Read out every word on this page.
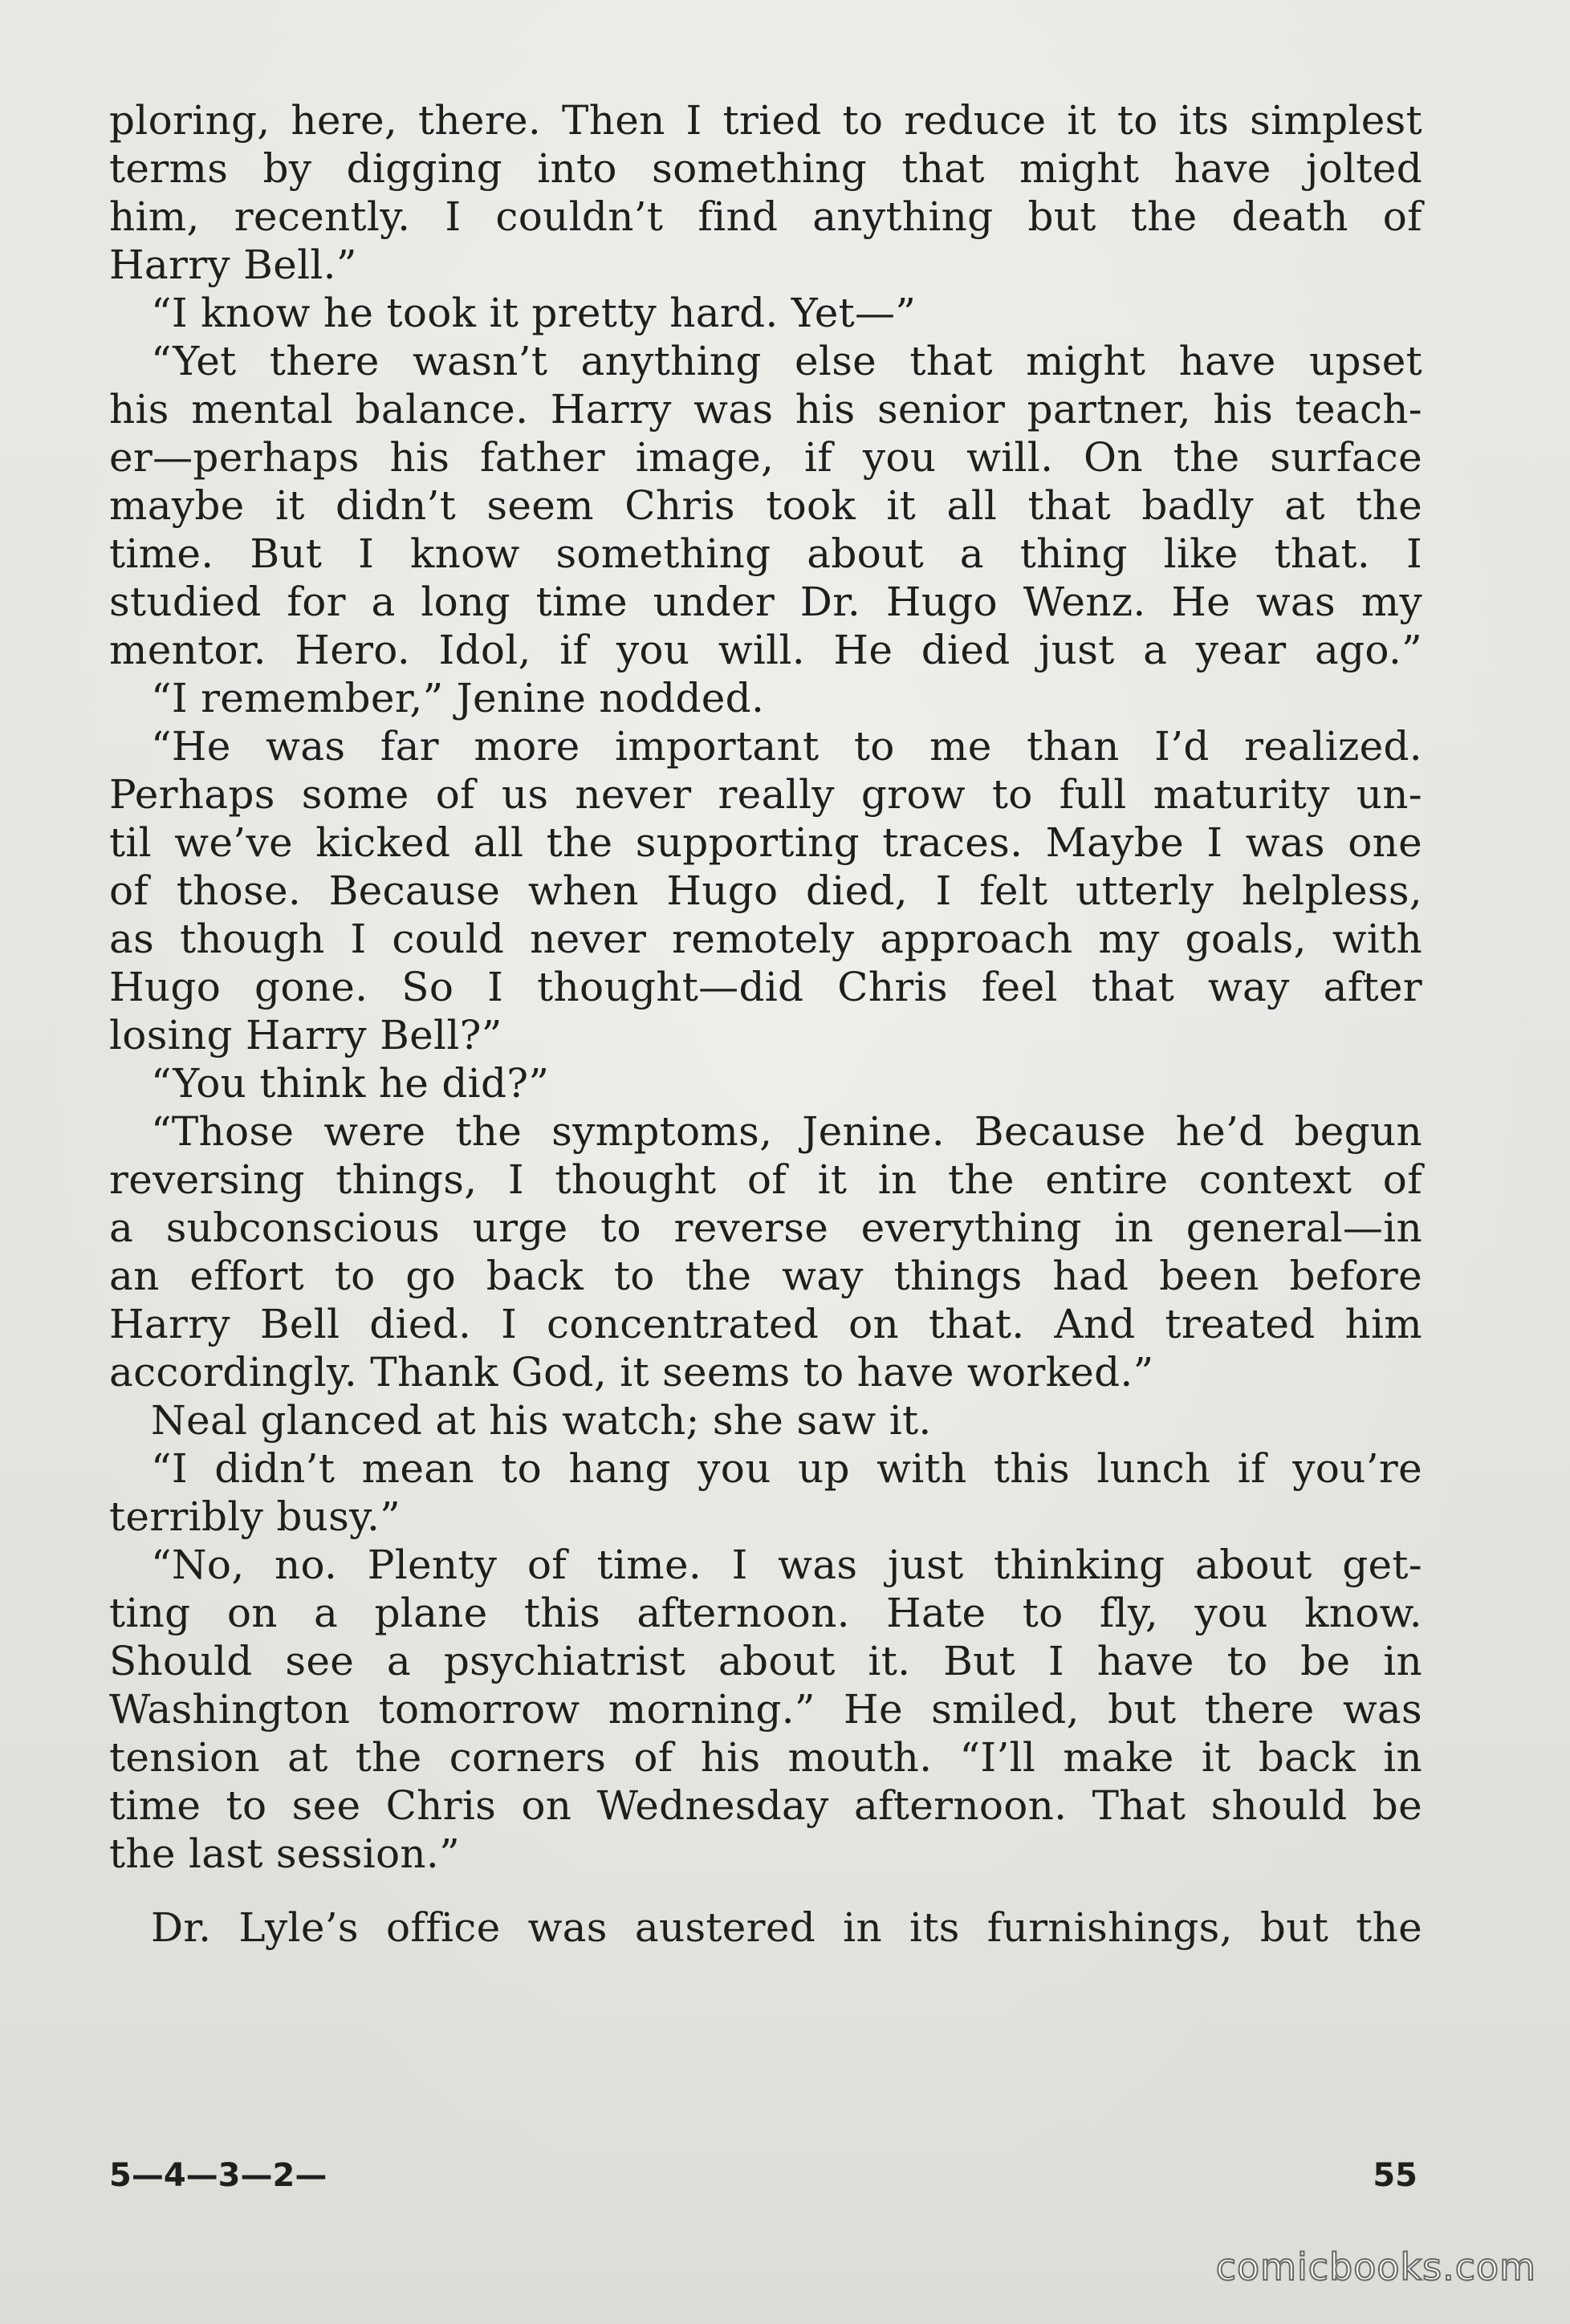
ploring, here, there. Then I tried to reduce it to its simplest
terms by digging into something that might have jolted
him, recently. I couldn’t find anything but the death of
Harry Bell.”
“I know he took it pretty hard. Yet—”
“Yet there wasn’t anything else that might have upset
his mental balance. Harry was his senior partner, his teach-
er—perhaps his father image, if you will. On the surface
maybe it didn’t seem Chris took it all that badly at the
time. But I know something about a thing like that. I
studied for a long time under Dr. Hugo Wenz. He was my
mentor. Hero. Idol, if you will. He died just a year ago.”
“I remember,” Jenine nodded.
“He was far more important to me than I’d realized.
Perhaps some of us never really grow to full maturity un-
til we’ve kicked all the supporting traces. Maybe I was one
of those. Because when Hugo died, I felt utterly helpless,
as though I could never remotely approach my goals, with
Hugo gone. So I thought—did Chris feel that way after
losing Harry Bell?”
“You think he did?”
“Those were the symptoms, Jenine. Because he’d begun
reversing things, I thought of it in the entire context of
a subconscious urge to reverse everything in general—in
an effort to go back to the way things had been before
Harry Bell died. I concentrated on that. And treated him
accordingly. Thank God, it seems to have worked.”
Neal glanced at his watch; she saw it.
“I didn’t mean to hang you up with this lunch if you’re
terribly busy.”
“No, no. Plenty of time. I was just thinking about get-
ting on a plane this afternoon. Hate to fly, you know.
Should see a psychiatrist about it. But I have to be in
Washington tomorrow morning.” He smiled, but there was
tension at the corners of his mouth. “I’ll make it back in
time to see Chris on Wednesday afternoon. That should be
the last session.”
Dr. Lyle’s office was austered in its furnishings, but the
5—4—3—2—	55
comicbooks.com
